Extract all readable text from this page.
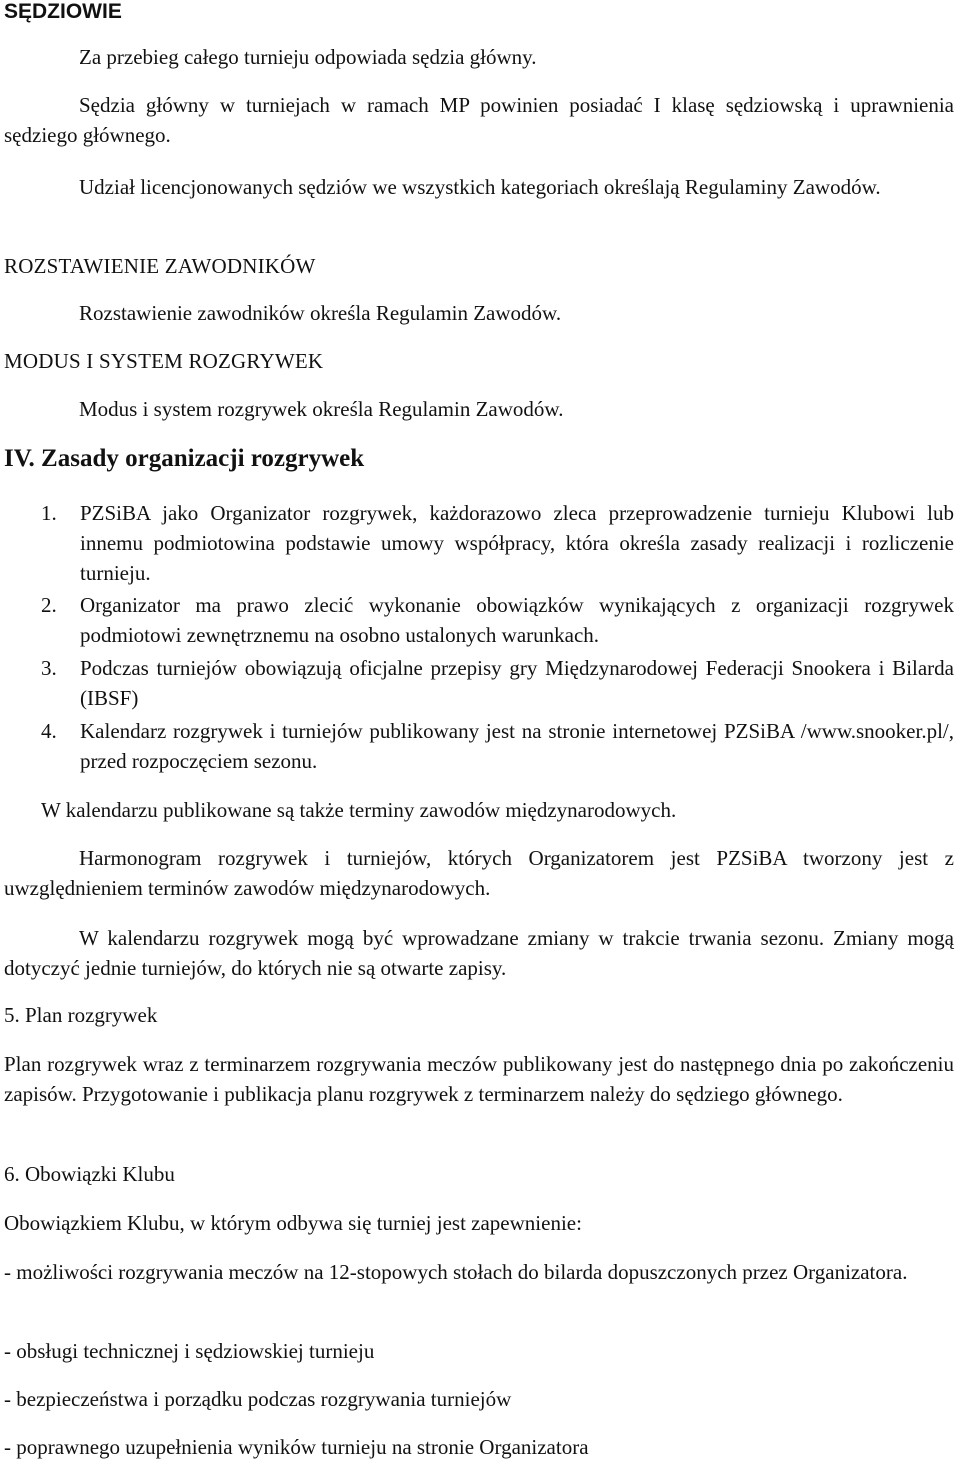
SĘDZIOWIE

Za przebieg całego turnieju odpowiada sędzia główny.

Sędzia główny w turniejach w ramach MP powinien posiadać I klasę sędziowską i uprawnienia sędziego głównego.

Udział licencjonowanych sędziów we wszystkich kategoriach określają Regulaminy Zawodów.

ROZSTAWIENIE ZAWODNIKÓW

Rozstawienie zawodników określa Regulamin Zawodów.

MODUS I SYSTEM ROZGRYWEK

Modus i system rozgrywek określa Regulamin Zawodów.

IV. Zasady organizacji rozgrywek
1. PZSiBA jako Organizator rozgrywek, każdorazowo zleca przeprowadzenie turnieju Klubowi lub innemu podmiotowina podstawie umowy współpracy, która określa zasady realizacji i rozliczenie turnieju.
2. Organizator ma prawo zlecić wykonanie obowiązków wynikających z organizacji rozgrywek podmiotowi zewnętrznemu na osobno ustalonych warunkach.
3. Podczas turniejów obowiązują oficjalne przepisy gry Międzynarodowej Federacji Snookera i Bilarda (IBSF)
4. Kalendarz rozgrywek i turniejów publikowany jest na stronie internetowej PZSiBA /www.snooker.pl/, przed rozpoczęciem sezonu.

W kalendarzu publikowane są także terminy zawodów międzynarodowych.

Harmonogram rozgrywek i turniejów, których Organizatorem jest PZSiBA tworzony jest z uwzględnieniem terminów zawodów międzynarodowych.

W kalendarzu rozgrywek mogą być wprowadzane zmiany w trakcie trwania sezonu. Zmiany mogą dotyczyć jednie turniejów, do których nie są otwarte zapisy.

5. Plan rozgrywek

Plan rozgrywek wraz z terminarzem rozgrywania meczów publikowany jest do następnego dnia po zakończeniu zapisów. Przygotowanie i publikacja planu rozgrywek z terminarzem należy do sędziego głównego.

6. Obowiązki Klubu

Obowiązkiem Klubu, w którym odbywa się turniej jest zapewnienie:

- możliwości rozgrywania meczów na 12-stopowych stołach do bilarda dopuszczonych przez Organizatora.

- obsługi technicznej i sędziowskiej turnieju

- bezpieczeństwa i porządku podczas rozgrywania turniejów

- poprawnego uzupełnienia wyników turnieju na stronie Organizatora
